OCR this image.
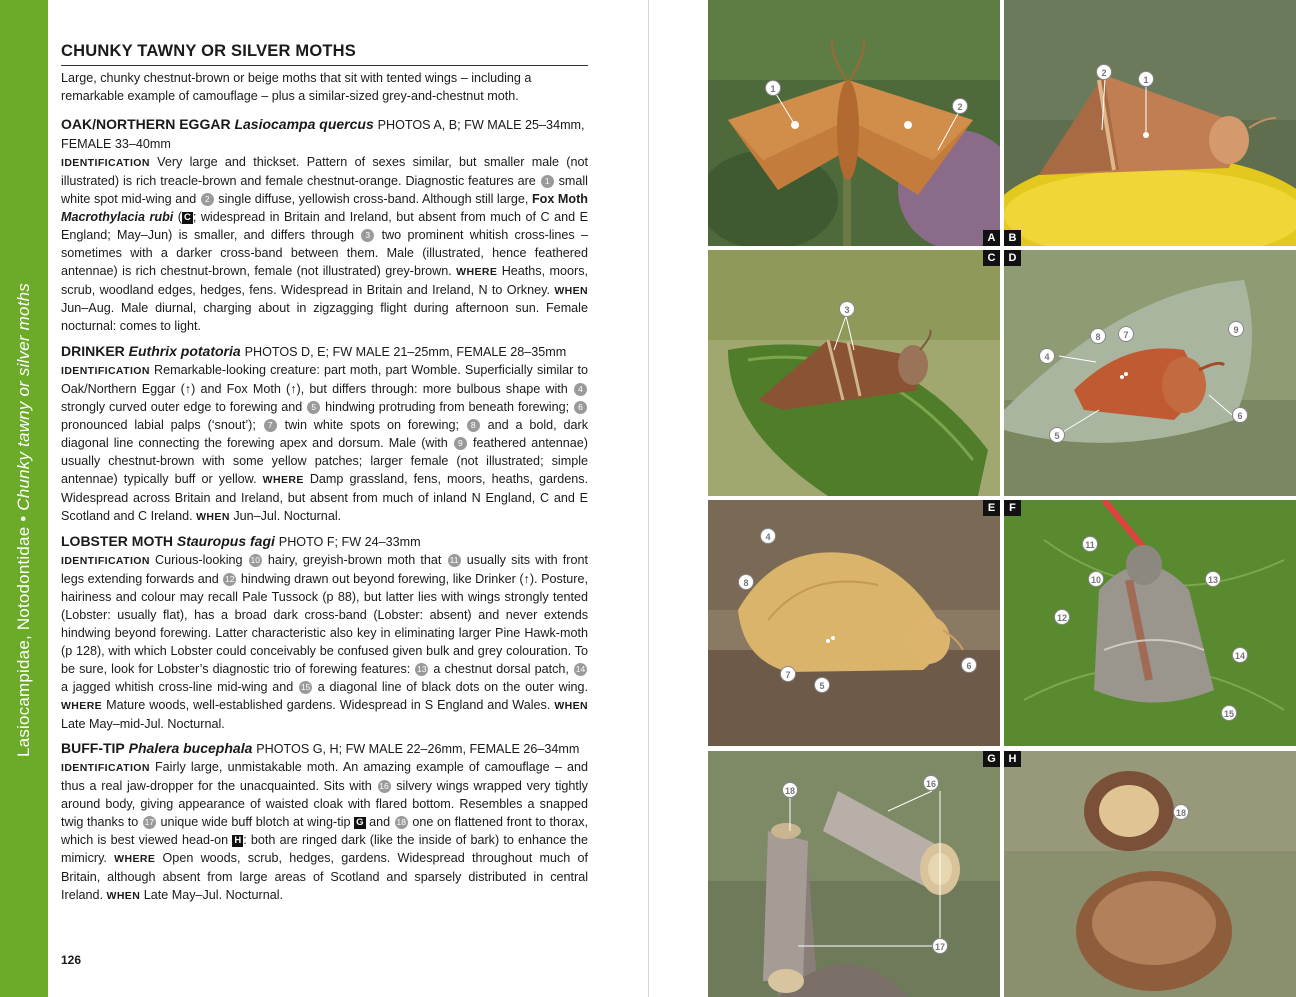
Lasiocampidae, Notodontidae • Chunky tawny or silver moths
CHUNKY TAWNY OR SILVER MOTHS

Large, chunky chestnut-brown or beige moths that sit with tented wings – including a remarkable example of camouflage – plus a similar-sized grey-and-chestnut moth.

OAK/NORTHERN EGGAR Lasiocampa quercus PHOTOS A, B; FW MALE 25–34mm, FEMALE 33–40mm
IDENTIFICATION Very large and thickset. Pattern of sexes similar, but smaller male (not illustrated) is rich treacle-brown and female chestnut-orange. Diagnostic features are 1 small white spot mid-wing and 2 single diffuse, yellowish cross-band. Although still large, Fox Moth Macrothylacia rubi ( C ; widespread in Britain and Ireland, but absent from much of C and E England; May–Jun) is smaller, and differs through 3 two prominent whitish cross-lines – sometimes with a darker cross-band between them. Male (illustrated, hence feathered antennae) is rich chestnut-brown, female (not illustrated) grey-brown. WHERE Heaths, moors, scrub, woodland edges, hedges, fens. Widespread in Britain and Ireland, N to Orkney. WHEN Jun–Aug. Male diurnal, charging about in zigzagging flight during afternoon sun. Female nocturnal: comes to light.
DRINKER Euthrix potatoria PHOTOS D, E; FW MALE 21–25mm, FEMALE 28–35mm
IDENTIFICATION Remarkable-looking creature: part moth, part Womble. Superficially similar to Oak/Northern Eggar (↑) and Fox Moth (↑), but differs through: more bulbous shape with 4 strongly curved outer edge to forewing and 5 hindwing protruding from beneath forewing; 6 pronounced labial palps (‘snout’); 7 twin white spots on forewing; 8 and a bold, dark diagonal line connecting the forewing apex and dorsum. Male (with 9 feathered antennae) usually chestnut-brown with some yellow patches; larger female (not illustrated; simple antennae) typically buff or yellow. WHERE Damp grassland, fens, moors, heaths, gardens. Widespread across Britain and Ireland, but absent from much of inland N England, C and E Scotland and C Ireland. WHEN Jun–Jul. Nocturnal.
LOBSTER MOTH Stauropus fagi PHOTO F; FW 24–33mm
IDENTIFICATION Curious-looking 10 hairy, greyish-brown moth that 11 usually sits with front legs extending forwards and 12 hindwing drawn out beyond forewing, like Drinker (↑). Posture, hairiness and colour may recall Pale Tussock (p 88), but latter lies with wings strongly tented (Lobster: usually flat), has a broad dark cross-band (Lobster: absent) and never extends hindwing beyond forewing. Latter characteristic also key in eliminating larger Pine Hawk-moth (p 128), with which Lobster could conceivably be confused given bulk and grey colouration. To be sure, look for Lobster’s diagnostic trio of forewing features: 13 a chestnut dorsal patch, 14 a jagged whitish cross-line mid-wing and 15 a diagonal line of black dots on the outer wing. WHERE Mature woods, well-established gardens. Widespread in S England and Wales. WHEN Late May–mid-Jul. Nocturnal.
BUFF-TIP Phalera bucephala PHOTOS G, H; FW MALE 22–26mm, FEMALE 26–34mm
IDENTIFICATION Fairly large, unmistakable moth. An amazing example of camouflage – and thus a real jaw-dropper for the unacquainted. Sits with 16 silvery wings wrapped very tightly around body, giving appearance of waisted cloak with flared bottom. Resembles a snapped twig thanks to 17 unique wide buff blotch at wing-tip G and 18 one on flattened front to thorax, which is best viewed head-on H : both are ringed dark (like the inside of bark) to enhance the mimicry. WHERE Open woods, scrub, hedges, gardens. Widespread throughout much of Britain, although absent from large areas of Scotland and sparsely distributed in central Ireland. WHEN Late May–Jul. Nocturnal.
126
1
2
A
2
1
B
3
C
4
5
6
7
8
9
D
4
5
6
7
8
E
11
10
12
13
14
15
F
18
16
17
G
18
H
